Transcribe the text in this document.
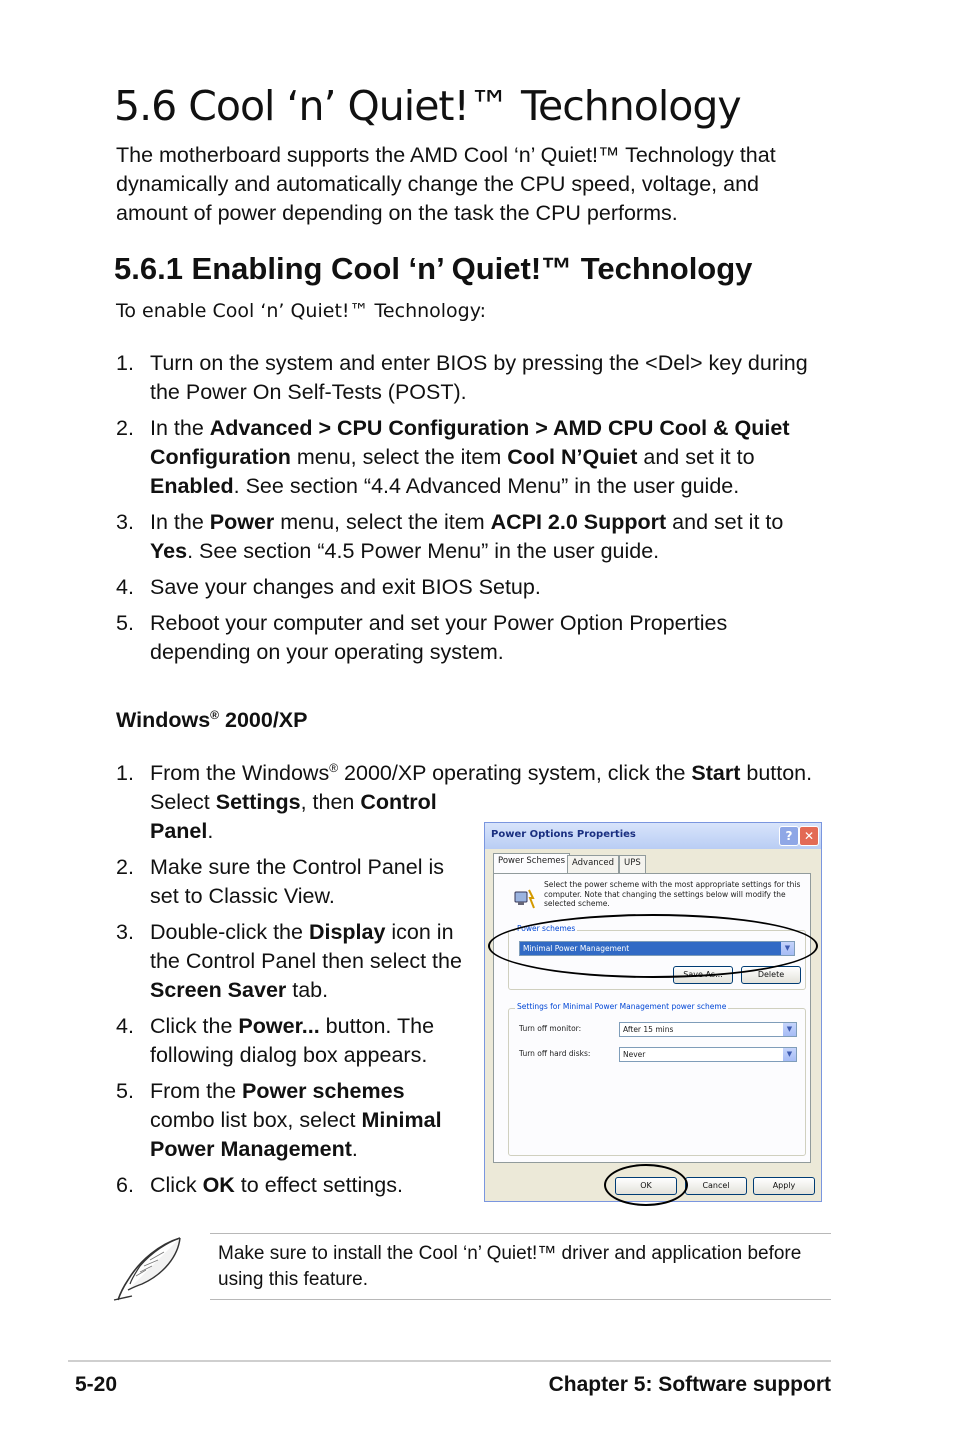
5.6 Cool ‘n’ Quiet!™ Technology
The motherboard supports the AMD Cool ‘n’ Quiet!™ Technology that dynamically and automatically change the CPU speed, voltage, and amount of power depending on the task the CPU performs.
5.6.1 Enabling Cool ‘n’ Quiet!™ Technology
To enable Cool ‘n’ Quiet!™ Technology:
1. Turn on the system and enter BIOS by pressing the <Del> key during the Power On Self-Tests (POST).
2. In the Advanced > CPU Configuration > AMD CPU Cool & Quiet Configuration menu, select the item Cool N’Quiet and set it to Enabled. See section “4.4 Advanced Menu” in the user guide.
3. In the Power menu, select the item ACPI 2.0 Support and set it to Yes. See section “4.5 Power Menu” in the user guide.
4. Save your changes and exit BIOS Setup.
5. Reboot your computer and set your Power Option Properties depending on your operating system.
Windows® 2000/XP
1. From the Windows® 2000/XP operating system, click the Start button.
Select Settings, then Control
Panel.
2. Make sure the Control Panel is set to Classic View.
3. Double-click the Display icon in the Control Panel then select the Screen Saver tab.
4. Click the Power... button. The following dialog box appears.
5. From the Power schemes combo list box, select Minimal Power Management.
6. Click OK to effect settings.
Power Options Properties	? ✕
Power Schemes Advanced	UPS
Select the power scheme with the most appropriate settings for this computer. Note that changing the settings below will modify the selected scheme.
Power schemes
Minimal Power Management	▼
Save As...	Delete
Settings for Minimal Power Management power scheme
Turn off monitor:	After 15 mins	▼
Turn off hard disks:	Never	▼
OK	Cancel	Apply
Make sure to install the Cool ‘n’ Quiet!™ driver and application before using this feature.
5-20	Chapter 5: Software support
